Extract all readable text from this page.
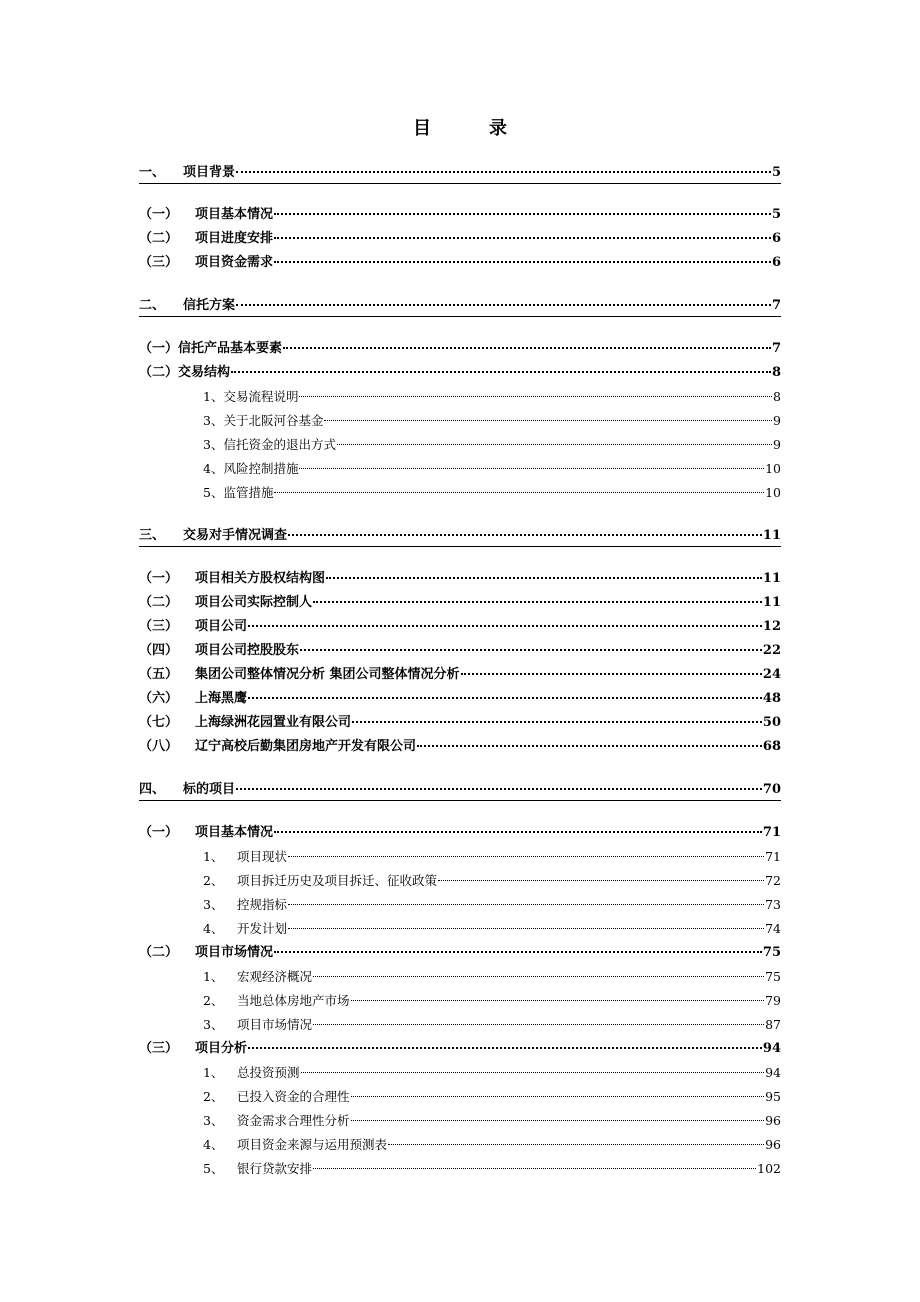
目　录
一、 项目背景	5
（一） 项目基本情况	5
（二） 项目进度安排	6
（三） 项目资金需求	6
二、 信托方案	7
（一）信托产品基本要素	7
（二）交易结构	8
1、交易流程说明	8
3、关于北阪河谷基金	9
3、信托资金的退出方式	9
4、风险控制措施	10
5、监管措施	10
三、 交易对手情况调查	11
（一） 项目相关方股权结构图	11
（二） 项目公司实际控制人	11
（三） 项目公司	12
（四） 项目公司控股股东	22
（五） 集团公司整体情况分析 集团公司整体情况分析	24
（六） 上海黑鹰	48
（七） 上海绿洲花园置业有限公司	50
（八） 辽宁高校后勤集团房地产开发有限公司	68
四、 标的项目	70
（一） 项目基本情况	71
1、 项目现状	71
2、 项目拆迁历史及项目拆迁、征收政策	72
3、 控规指标	73
4、 开发计划	74
（二） 项目市场情况	75
1、 宏观经济概况	75
2、 当地总体房地产市场	79
3、 项目市场情况	87
（三） 项目分析	94
1、 总投资预测	94
2、 已投入资金的合理性	95
3、 资金需求合理性分析	96
4、 项目资金来源与运用预测表	96
5、 银行贷款安排	102
